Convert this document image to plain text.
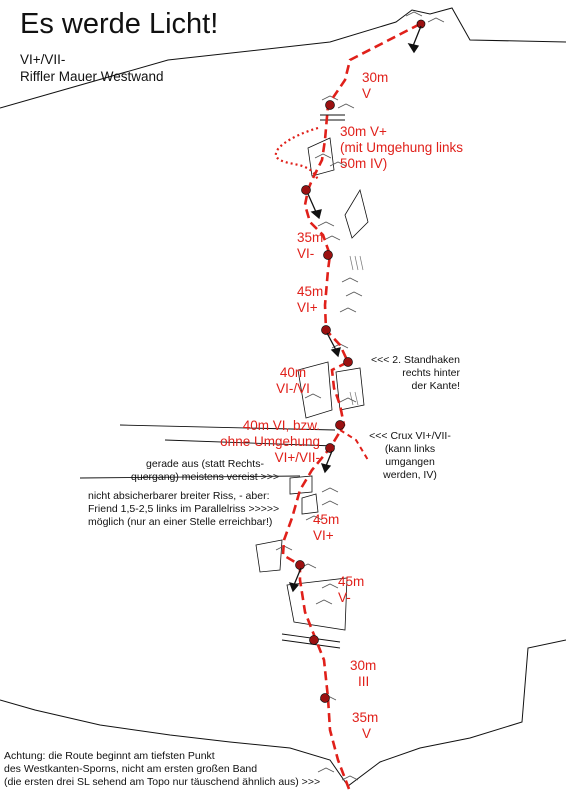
Es werde Licht!
VI+/VII-
Riffler Mauer Westwand	30m
V
30m V+
(mit Umgehung links
50m IV)
35m
VI-
45m
VI+
40m
VI-/VI
40m VI, bzw.
ohne Umgehung
VI+/VII-
45m
VI+
45m
V-
30m
III
35m
V
<<< 2. Standhaken
rechts hinter
der Kante!
<<< Crux VI+/VII-
(kann links
umgangen
werden, IV)
gerade aus (statt Rechts-
quergang) meistens vereist >>>
nicht absicherbarer breiter Riss, - aber:
Friend 1,5-2,5 links im Parallelriss >>>>>
möglich (nur an einer Stelle erreichbar!)
Achtung: die Route beginnt am tiefsten Punkt
des Westkanten-Sporns, nicht am ersten großen Band
(die ersten drei SL sehend am Topo nur täuschend ähnlich aus) >>>
